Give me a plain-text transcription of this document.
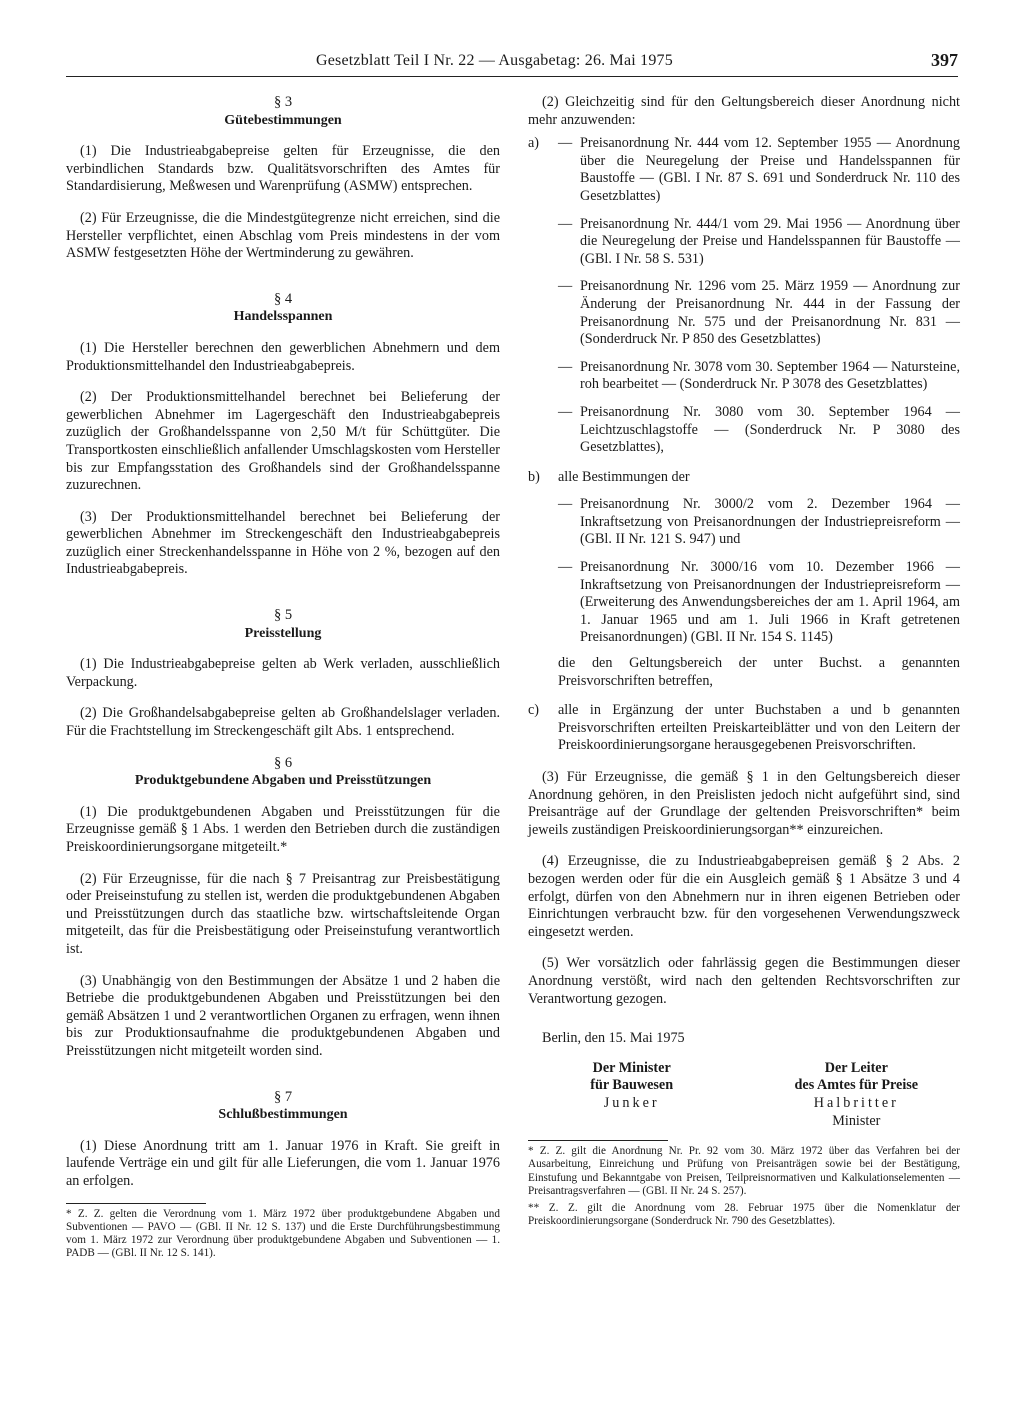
Gesetzblatt Teil I Nr. 22 — Ausgabetag: 26. Mai 1975	397
§ 3
Gütebestimmungen

(1) Die Industrieabgabepreise gelten für Erzeugnisse, die den verbindlichen Standards bzw. Qualitätsvorschriften des Amtes für Standardisierung, Meßwesen und Warenprüfung (ASMW) entsprechen.

(2) Für Erzeugnisse, die die Mindestgütegrenze nicht erreichen, sind die Hersteller verpflichtet, einen Abschlag vom Preis mindestens in der vom ASMW festgesetzten Höhe der Wertminderung zu gewähren.

§ 4
Handelsspannen

(1) Die Hersteller berechnen den gewerblichen Abnehmern und dem Produktionsmittelhandel den Industrieabgabepreis.

(2) Der Produktionsmittelhandel berechnet bei Belieferung der gewerblichen Abnehmer im Lagergeschäft den Industrieabgabepreis zuzüglich der Großhandelsspanne von 2,50 M/t für Schüttgüter. Die Transportkosten einschließlich anfallender Umschlagskosten vom Hersteller bis zur Empfangsstation des Großhandels sind der Großhandelsspanne zuzurechnen.

(3) Der Produktionsmittelhandel berechnet bei Belieferung der gewerblichen Abnehmer im Streckengeschäft den Industrieabgabepreis zuzüglich einer Streckenhandelsspanne in Höhe von 2 %, bezogen auf den Industrieabgabepreis.

§ 5
Preisstellung

(1) Die Industrieabgabepreise gelten ab Werk verladen, ausschließlich Verpackung.

(2) Die Großhandelsabgabepreise gelten ab Großhandelslager verladen. Für die Frachtstellung im Streckengeschäft gilt Abs. 1 entsprechend.

§ 6
Produktgebundene Abgaben und Preisstützungen

(1) Die produktgebundenen Abgaben und Preisstützungen für die Erzeugnisse gemäß § 1 Abs. 1 werden den Betrieben durch die zuständigen Preiskoordinierungsorgane mitgeteilt.*

(2) Für Erzeugnisse, für die nach § 7 Preisantrag zur Preisbestätigung oder Preiseinstufung zu stellen ist, werden die produktgebundenen Abgaben und Preisstützungen durch das staatliche bzw. wirtschaftsleitende Organ mitgeteilt, das für die Preisbestätigung oder Preiseinstufung verantwortlich ist.

(3) Unabhängig von den Bestimmungen der Absätze 1 und 2 haben die Betriebe die produktgebundenen Abgaben und Preisstützungen bei den gemäß Absätzen 1 und 2 verantwortlichen Organen zu erfragen, wenn ihnen bis zur Produktionsaufnahme die produktgebundenen Abgaben und Preisstützungen nicht mitgeteilt worden sind.

§ 7
Schlußbestimmungen

(1) Diese Anordnung tritt am 1. Januar 1976 in Kraft. Sie greift in laufende Verträge ein und gilt für alle Lieferungen, die vom 1. Januar 1976 an erfolgen.

* Z. Z. gelten die Verordnung vom 1. März 1972 über produktgebundene Abgaben und Subventionen — PAVO — (GBl. II Nr. 12 S. 137) und die Erste Durchführungsbestimmung vom 1. März 1972 zur Verordnung über produktgebundene Abgaben und Subventionen — 1. PADB — (GBl. II Nr. 12 S. 141).

(2) Gleichzeitig sind für den Geltungsbereich dieser Anordnung nicht mehr anzuwenden:

a) — Preisanordnung Nr. 444 vom 12. September 1955 — Anordnung über die Neuregelung der Preise und Handelsspannen für Baustoffe — (GBl. I Nr. 87 S. 691 und Sonderdruck Nr. 110 des Gesetzblattes)
— Preisanordnung Nr. 444/1 vom 29. Mai 1956 — Anordnung über die Neuregelung der Preise und Handelsspannen für Baustoffe — (GBl. I Nr. 58 S. 531)
— Preisanordnung Nr. 1296 vom 25. März 1959 — Anordnung zur Änderung der Preisanordnung Nr. 444 in der Fassung der Preisanordnung Nr. 575 und der Preisanordnung Nr. 831 — (Sonderdruck Nr. P 850 des Gesetzblattes)
— Preisanordnung Nr. 3078 vom 30. September 1964 — Natursteine, roh bearbeitet — (Sonderdruck Nr. P 3078 des Gesetzblattes)
— Preisanordnung Nr. 3080 vom 30. September 1964 — Leichtzuschlagstoffe — (Sonderdruck Nr. P 3080 des Gesetzblattes),
b) alle Bestimmungen der
— Preisanordnung Nr. 3000/2 vom 2. Dezember 1964 — Inkraftsetzung von Preisanordnungen der Industriepreisreform — (GBl. II Nr. 121 S. 947) und
— Preisanordnung Nr. 3000/16 vom 10. Dezember 1966 — Inkraftsetzung von Preisanordnungen der Industriepreisreform — (Erweiterung des Anwendungsbereiches der am 1. April 1964, am 1. Januar 1965 und am 1. Juli 1966 in Kraft getretenen Preisanordnungen) (GBl. II Nr. 154 S. 1145)

die den Geltungsbereich der unter Buchst. a genannten Preisvorschriften betreffen,

c) alle in Ergänzung der unter Buchstaben a und b genannten Preisvorschriften erteilten Preiskarteiblätter und von den Leitern der Preiskoordinierungsorgane herausgegebenen Preisvorschriften.

(3) Für Erzeugnisse, die gemäß § 1 in den Geltungsbereich dieser Anordnung gehören, in den Preislisten jedoch nicht aufgeführt sind, sind Preisanträge auf der Grundlage der geltenden Preisvorschriften* beim jeweils zuständigen Preiskoordinierungsorgan** einzureichen.

(4) Erzeugnisse, die zu Industrieabgabepreisen gemäß § 2 Abs. 2 bezogen werden oder für die ein Ausgleich gemäß § 1 Absätze 3 und 4 erfolgt, dürfen von den Abnehmern nur in ihren eigenen Betrieben oder Einrichtungen verbraucht bzw. für den vorgesehenen Verwendungszweck eingesetzt werden.

(5) Wer vorsätzlich oder fahrlässig gegen die Bestimmungen dieser Anordnung verstößt, wird nach den geltenden Rechtsvorschriften zur Verantwortung gezogen.

Berlin, den 15. Mai 1975

Der Minister
für Bauwesen
Junker
Der Leiter
des Amtes für Preise
Halbritter
Minister

* Z. Z. gilt die Anordnung Nr. Pr. 92 vom 30. März 1972 über das Verfahren bei der Ausarbeitung, Einreichung und Prüfung von Preisanträgen sowie bei der Bestätigung, Einstufung und Bekanntgabe von Preisen, Teilpreisnormativen und Kalkulationselementen — Preisantragsverfahren — (GBl. II Nr. 24 S. 257).

** Z. Z. gilt die Anordnung vom 28. Februar 1975 über die Nomenklatur der Preiskoordinierungsorgane (Sonderdruck Nr. 790 des Gesetzblattes).
